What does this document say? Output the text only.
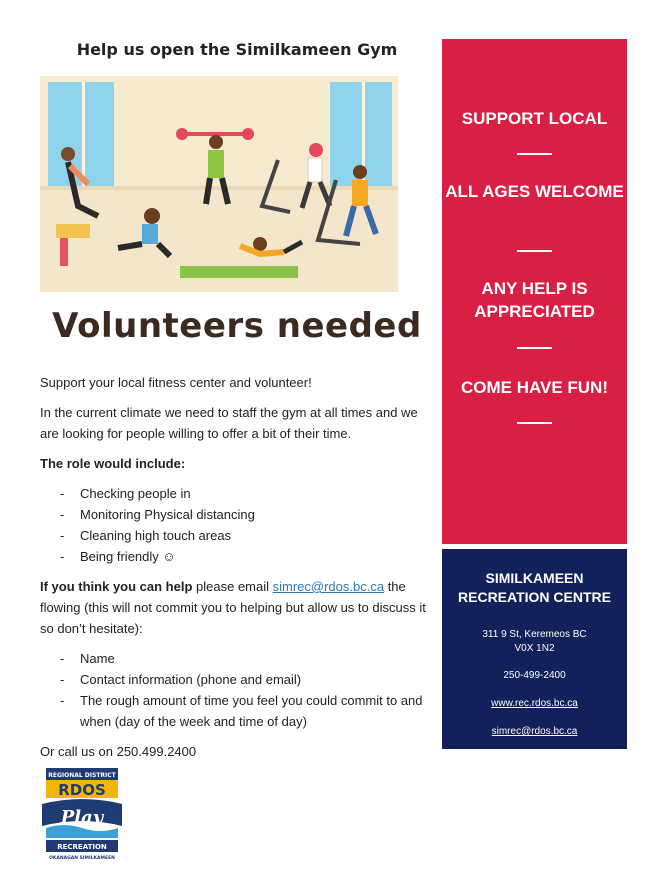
Help us open the Similkameen Gym
Volunteers needed

Support your local fitness center and volunteer!

In the current climate we need to staff the gym at all times and we are looking for people willing to offer a bit of their time.

The role would include:

- Checking people in
- Monitoring Physical distancing
- Cleaning high touch areas
- Being friendly ☺

If you think you can help please email simrec@rdos.bc.ca the flowing (this will not commit you to helping but allow us to discuss it so don’t hesitate):

- Name
- Contact information (phone and email)
- The rough amount of time you feel you could commit to and when (day of the week and time of day)

Or call us on 250.499.2400

REGIONAL DISTRICT
RDOS
Play
RECREATION
OKANAGAN SIMILKAMEEN
SUPPORT LOCAL
ALL AGES WELCOME
ANY HELP IS APPRECIATED
COME HAVE FUN!
SIMILKAMEEN RECREATION CENTRE
311 9 St, Keremeos BC
V0X 1N2
250-499-2400
www.rec.rdos.bc.ca
simrec@rdos.bc.ca
